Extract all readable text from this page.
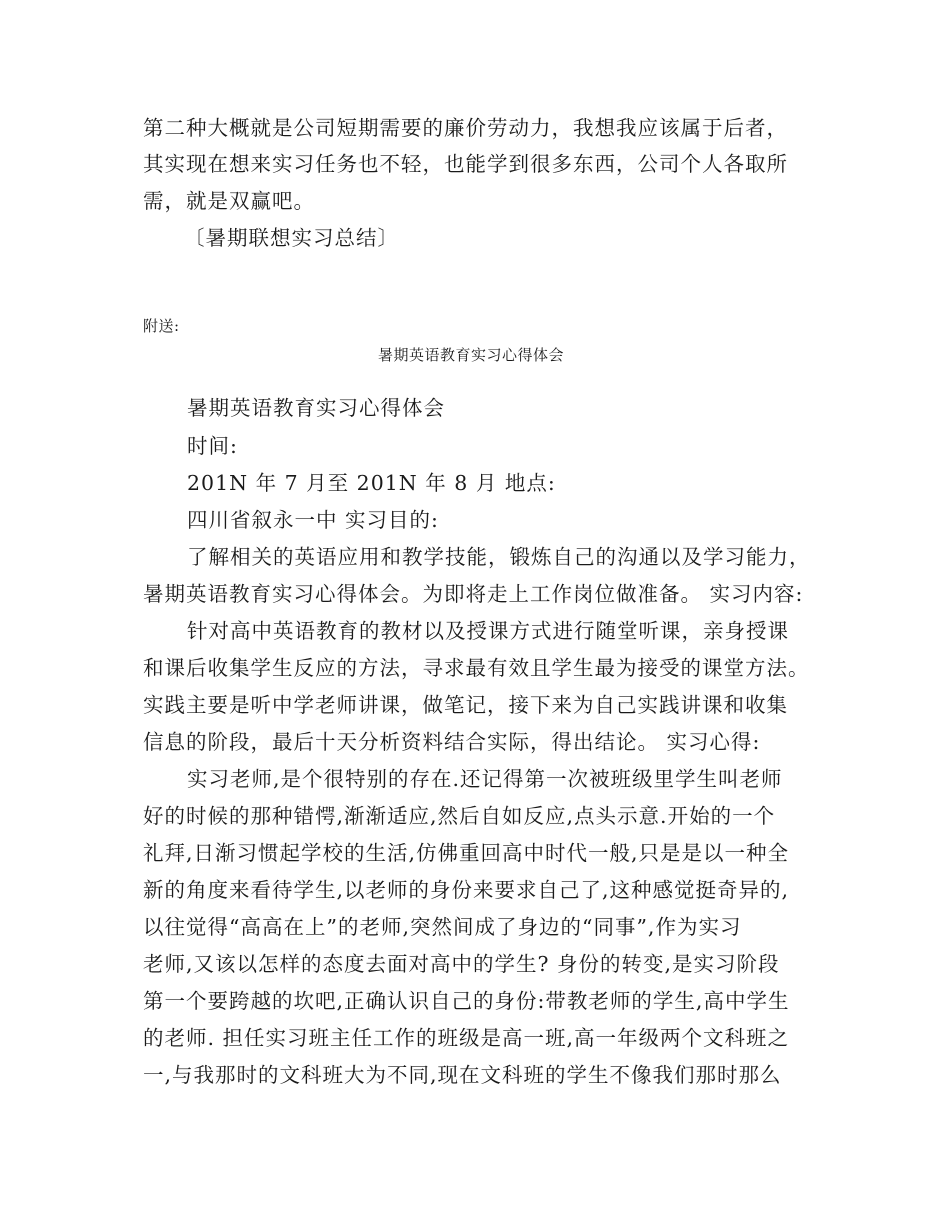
第二种大概就是公司短期需要的廉价劳动力，我想我应该属于后者，
其实现在想来实习任务也不轻，也能学到很多东西，公司个人各取所
需，就是双赢吧。
〔暑期联想实习总结〕
附送:
暑期英语教育实习心得体会
暑期英语教育实习心得体会
时间:
201N 年 7 月至 201N 年 8 月 地点:
四川省叙永一中 实习目的:
了解相关的英语应用和教学技能，锻炼自己的沟通以及学习能力，
暑期英语教育实习心得体会。为即将走上工作岗位做准备。 实习内容:
针对高中英语教育的教材以及授课方式进行随堂听课，亲身授课
和课后收集学生反应的方法，寻求最有效且学生最为接受的课堂方法。
实践主要是听中学老师讲课，做笔记，接下来为自己实践讲课和收集
信息的阶段，最后十天分析资料结合实际，得出结论。 实习心得:
实习老师,是个很特别的存在.还记得第一次被班级里学生叫老师
好的时候的那种错愕,渐渐适应,然后自如反应,点头示意.开始的一个
礼拜,日渐习惯起学校的生活,仿佛重回高中时代一般,只是是以一种全
新的角度来看待学生,以老师的身份来要求自己了,这种感觉挺奇异的,
以往觉得“高高在上”的老师,突然间成了身边的“同事”,作为实习
老师,又该以怎样的态度去面对高中的学生? 身份的转变,是实习阶段
第一个要跨越的坎吧,正确认识自己的身份:带教老师的学生,高中学生
的老师. 担任实习班主任工作的班级是高一班,高一年级两个文科班之
一,与我那时的文科班大为不同,现在文科班的学生不像我们那时那么
